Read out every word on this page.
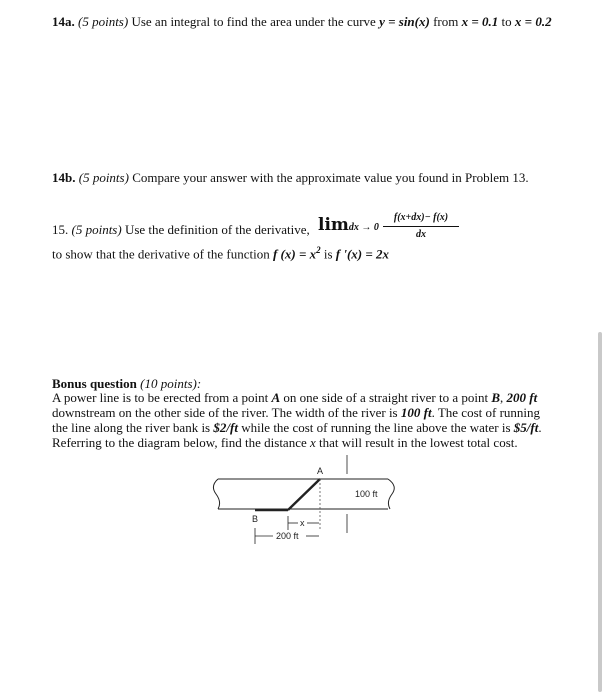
14a. (5 points) Use an integral to find the area under the curve y = sin(x) from x = 0.1 to x = 0.2
14b. (5 points) Compare your answer with the approximate value you found in Problem 13.
15. (5 points) Use the definition of the derivative, limdx → 0
f(x+dx)− f(x)
dx
to show that the derivative of the function f $(x) = x^2$ is f '(x) = 2x
Bonus question (10 points):
A power line is to be erected from a point A on one side of a straight river to a point B, 200 ft
downstream on the other side of the river. The width of the river is 100 ft. The cost of running
the line along the river bank is $2/ft while the cost of running the line above the water is $5/ft.
Referring to the diagram below, find the distance x that will result in the lowest total cost.
100 ft
A
B	x
200 ft
